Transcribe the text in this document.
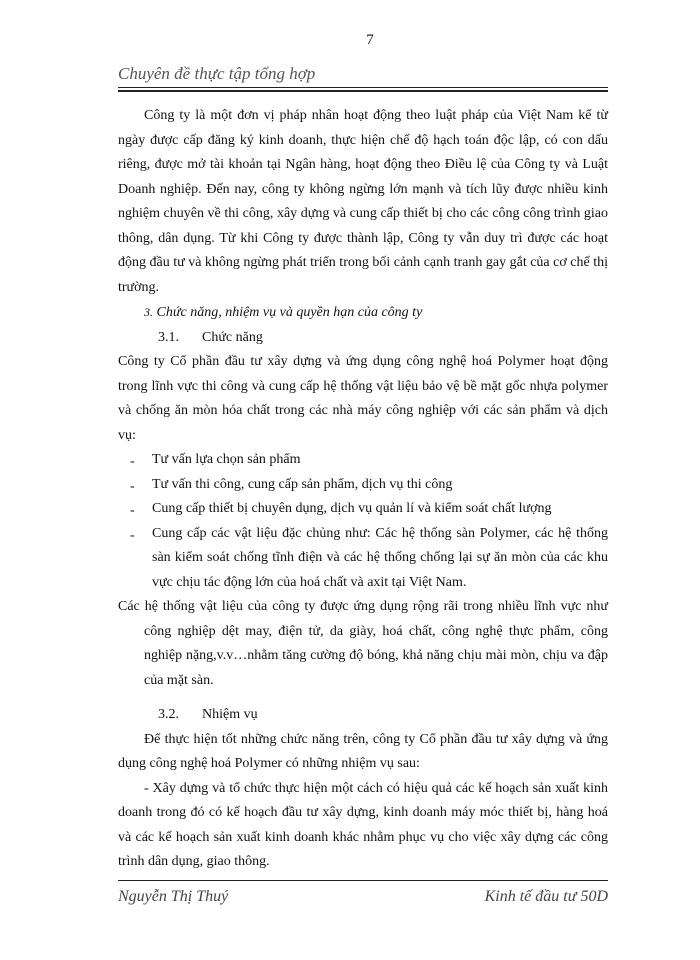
7
Chuyên đề thực tập tổng hợp

Công ty là một đơn vị pháp nhân hoạt động theo luật pháp của Việt Nam kể từ ngày được cấp đăng ký kinh doanh, thực hiện chế độ hạch toán độc lập, có con dấu riêng, được mở tài khoản tại Ngân hàng, hoạt động theo Điều lệ của Công ty và Luật Doanh nghiệp. Đến nay, công ty không ngừng lớn mạnh và tích lũy được nhiều kinh nghiệm chuyên về thi công, xây dựng và cung cấp thiết bị cho các công công trình giao thông, dân dụng. Từ khi Công ty được thành lập, Công ty vẫn duy trì được các hoạt động đầu tư và không ngừng phát triển trong bối cảnh cạnh tranh gay gắt của cơ chế thị trường.

3. Chức năng, nhiệm vụ và quyền hạn của công ty

3.1. Chức năng

Công ty Cổ phần đầu tư xây dựng và ứng dụng công nghệ hoá Polymer hoạt động trong lĩnh vực thi công và cung cấp hệ thống vật liệu bảo vệ bề mặt gốc nhựa polymer và chống ăn mòn hóa chất trong các nhà máy công nghiệp với các sản phẩm và dịch vụ:

- Tư vấn lựa chọn sản phẩm
- Tư vấn thi công, cung cấp sản phẩm, dịch vụ thi công
- Cung cấp thiết bị chuyên dụng, dịch vụ quản lí và kiểm soát chất lượng
- Cung cấp các vật liệu đặc chủng như: Các hệ thống sàn Polymer, các hệ thống sàn kiểm soát chống tĩnh điện và các hệ thống chống lại sự ăn mòn của các khu vực chịu tác động lớn của hoá chất và axit tại Việt Nam.

Các hệ thống vật liệu của công ty được ứng dụng rộng rãi trong nhiều lĩnh vực như công nghiệp dệt may, điện tử, da giày, hoá chất, công nghệ thực phẩm, công nghiệp nặng,v.v…nhằm tăng cường độ bóng, khả năng chịu mài mòn, chịu va đập của mặt sàn.

3.2. Nhiệm vụ

Để thực hiện tốt những chức năng trên, công ty Cổ phần đầu tư xây dựng và ứng dụng công nghệ hoá Polymer có những nhiệm vụ sau:

- Xây dựng và tổ chức thực hiện một cách có hiệu quả các kế hoạch sản xuất kinh doanh trong đó có kế hoạch đầu tư xây dựng, kinh doanh máy móc thiết bị, hàng hoá và các kế hoạch sản xuất kinh doanh khác nhằm phục vụ cho việc xây dựng các công trình dân dụng, giao thông.

Nguyễn Thị Thuý	Kinh tế đầu tư 50D
